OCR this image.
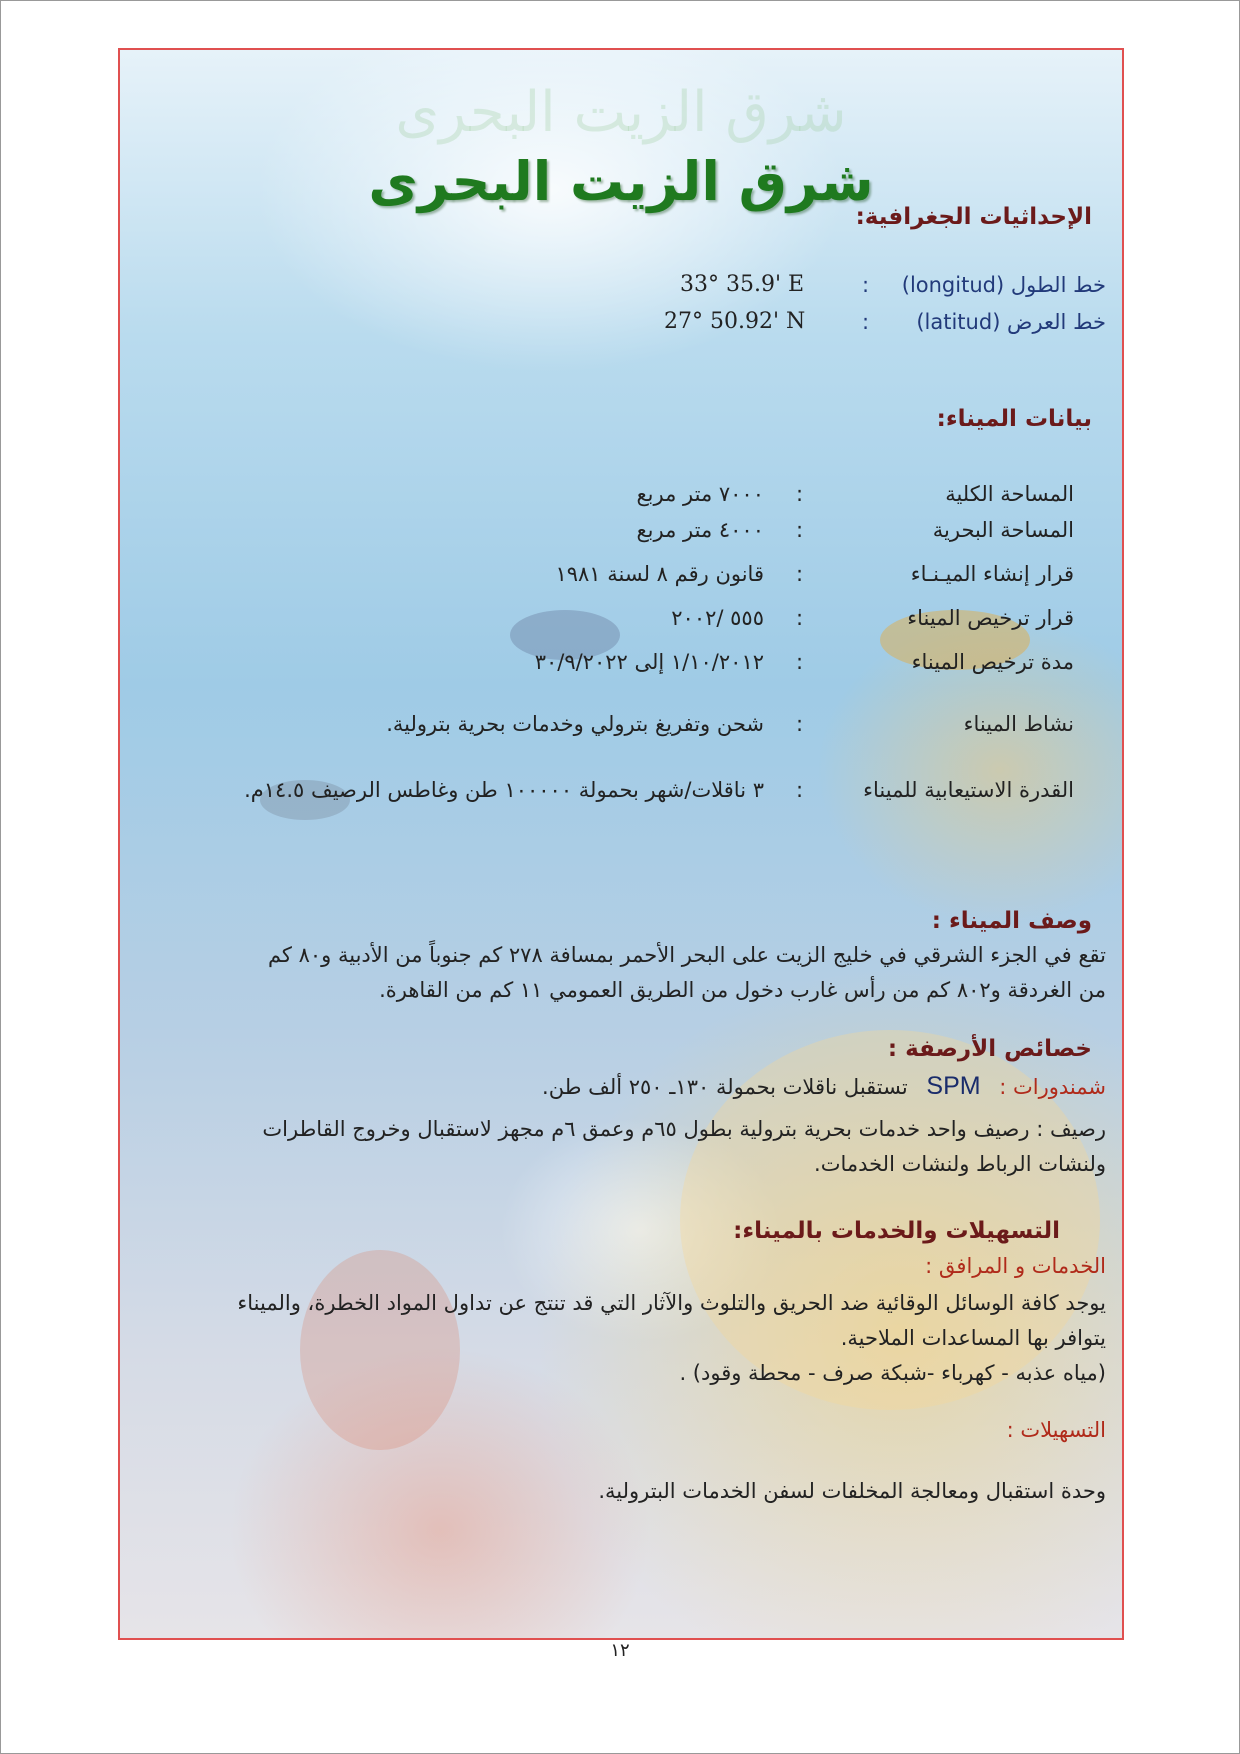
شرق الزيت البحرى
شرق الزيت البحرى
الإحداثيات الجغرافية:
خط الطول (longitud)
:
33° 35.9' E
خط العرض (latitud)
:
27° 50.92' N
بيانات الميناء:
المساحة الكلية
:
٧٠٠٠ متر مربع
المساحة البحرية
:
٤٠٠٠ متر مربع
قرار إنشاء الميـنـاء
:
قانون رقم ٨ لسنة ١٩٨١
قرار ترخيص الميناء
:
٥٥٥ /٢٠٠٢
مدة ترخيص الميناء
:
١/١٠/٢٠١٢ إلى ٣٠/٩/٢٠٢٢
نشاط الميناء
:
شحن وتفريغ بترولي وخدمات بحرية بترولية.
القدرة الاستيعابية للميناء
:
٣ ناقلات/شهر بحمولة ١٠٠٠٠٠ طن وغاطس الرصيف ١٤.٥م.
وصف الميناء :
تقع في الجزء الشرقي في خليج الزيت على البحر الأحمر بمسافة ٢٧٨ كم جنوباً من الأدبية و٨٠ كم
من الغردقة و٨٠٢ كم من رأس غارب دخول من الطريق العمومي ١١ كم من القاهرة.
خصائص الأرصفة :
شمندورات : SPM تستقبل ناقلات بحمولة ١٣٠ـ ٢٥٠ ألف طن.
رصيف : رصيف واحد خدمات بحرية بترولية بطول ٦٥م وعمق ٦م مجهز لاستقبال وخروج القاطرات
ولنشات الرباط ولنشات الخدمات.
التسهيلات والخدمات بالميناء:
الخدمات و المرافق :
يوجد كافة الوسائل الوقائية ضد الحريق والتلوث والآثار التي قد تنتج عن تداول المواد الخطرة، والميناء
يتوافر بها المساعدات الملاحية.
(مياه عذبه - كهرباء -شبكة صرف - محطة وقود) .
التسهيلات :
وحدة استقبال ومعالجة المخلفات لسفن الخدمات البترولية.
١٢
